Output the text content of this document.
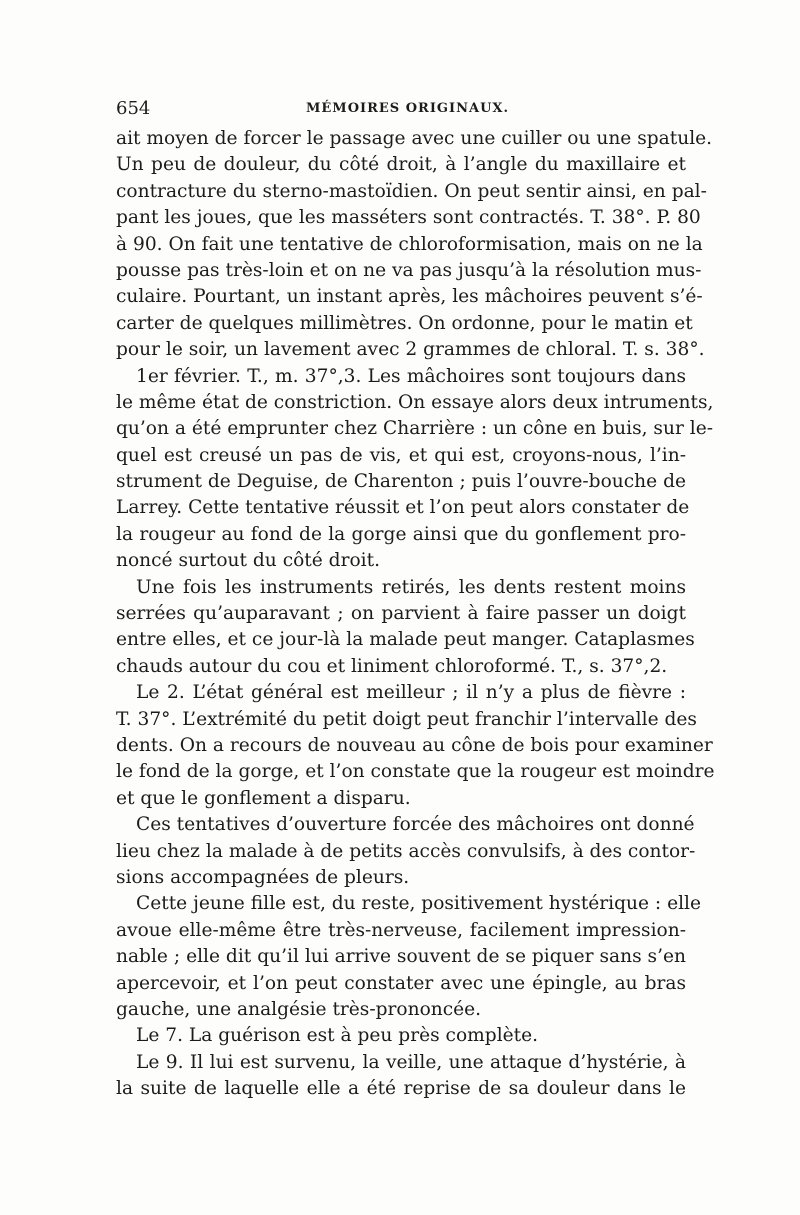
654	MÉMOIRES ORIGINAUX.
ait moyen de forcer le passage avec une cuiller ou une spatule.
Un peu de douleur, du côté droit, à l’angle du maxillaire et
contracture du sterno-mastoïdien. On peut sentir ainsi, en pal-
pant les joues, que les masséters sont contractés. T. 38°. P. 80
à 90. On fait une tentative de chloroformisation, mais on ne la
pousse pas très-loin et on ne va pas jusqu’à la résolution mus-
culaire. Pourtant, un instant après, les mâchoires peuvent s’é-
carter de quelques millimètres. On ordonne, pour le matin et
pour le soir, un lavement avec 2 grammes de chloral. T. s. 38°.
1er février. T., m. 37°,3. Les mâchoires sont toujours dans
le même état de constriction. On essaye alors deux intruments,
qu’on a été emprunter chez Charrière : un cône en buis, sur le-
quel est creusé un pas de vis, et qui est, croyons-nous, l’in-
strument de Deguise, de Charenton ; puis l’ouvre-bouche de
Larrey. Cette tentative réussit et l’on peut alors constater de
la rougeur au fond de la gorge ainsi que du gonflement pro-
noncé surtout du côté droit.
Une fois les instruments retirés, les dents restent moins
serrées qu’auparavant ; on parvient à faire passer un doigt
entre elles, et ce jour-là la malade peut manger. Cataplasmes
chauds autour du cou et liniment chloroformé. T., s. 37°,2.
Le 2. L’état général est meilleur ; il n’y a plus de fièvre :
T. 37°. L’extrémité du petit doigt peut franchir l’intervalle des
dents. On a recours de nouveau au cône de bois pour examiner
le fond de la gorge, et l’on constate que la rougeur est moindre
et que le gonflement a disparu.
Ces tentatives d’ouverture forcée des mâchoires ont donné
lieu chez la malade à de petits accès convulsifs, à des contor-
sions accompagnées de pleurs.
Cette jeune fille est, du reste, positivement hystérique : elle
avoue elle-même être très-nerveuse, facilement impression-
nable ; elle dit qu’il lui arrive souvent de se piquer sans s’en
apercevoir, et l’on peut constater avec une épingle, au bras
gauche, une analgésie très-prononcée.
Le 7. La guérison est à peu près complète.
Le 9. Il lui est survenu, la veille, une attaque d’hystérie, à
la suite de laquelle elle a été reprise de sa douleur dans le
